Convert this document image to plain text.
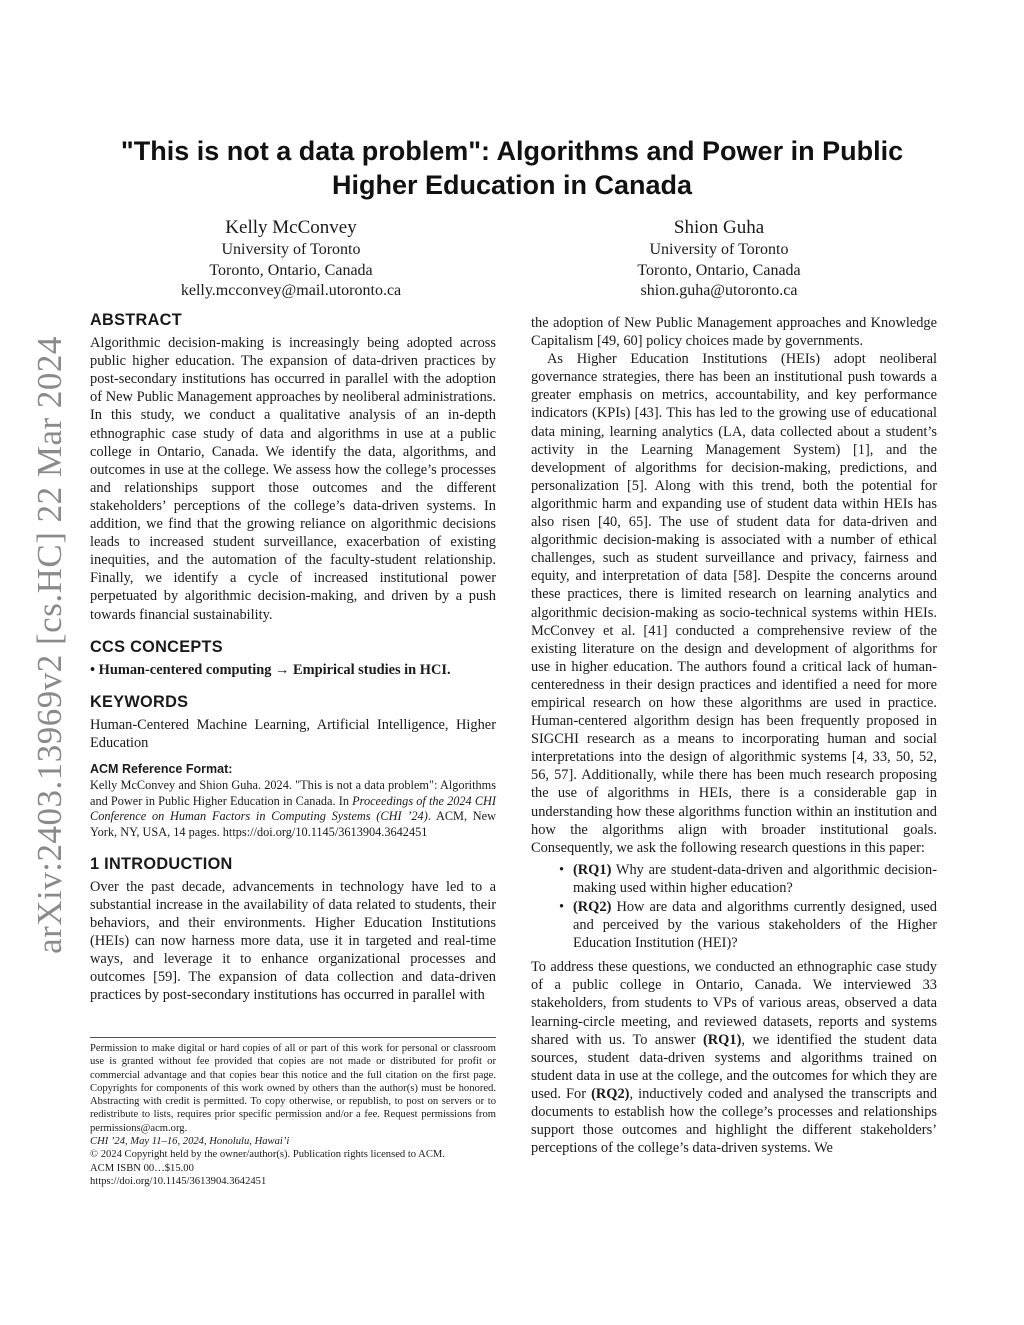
arXiv:2403.13969v2 [cs.HC] 22 Mar 2024
"This is not a data problem": Algorithms and Power in Public Higher Education in Canada
Kelly McConvey
University of Toronto
Toronto, Ontario, Canada
kelly.mcconvey@mail.utoronto.ca
Shion Guha
University of Toronto
Toronto, Ontario, Canada
shion.guha@utoronto.ca
ABSTRACT

Algorithmic decision-making is increasingly being adopted across public higher education. The expansion of data-driven practices by post-secondary institutions has occurred in parallel with the adoption of New Public Management approaches by neoliberal administrations. In this study, we conduct a qualitative analysis of an in-depth ethnographic case study of data and algorithms in use at a public college in Ontario, Canada. We identify the data, algorithms, and outcomes in use at the college. We assess how the college’s processes and relationships support those outcomes and the different stakeholders’ perceptions of the college’s data-driven systems. In addition, we find that the growing reliance on algorithmic decisions leads to increased student surveillance, exacerbation of existing inequities, and the automation of the faculty-student relationship. Finally, we identify a cycle of increased institutional power perpetuated by algorithmic decision-making, and driven by a push towards financial sustainability.

CCS CONCEPTS

• Human-centered computing → Empirical studies in HCI.

KEYWORDS

Human-Centered Machine Learning, Artificial Intelligence, Higher Education

ACM Reference Format:

Kelly McConvey and Shion Guha. 2024. "This is not a data problem": Algorithms and Power in Public Higher Education in Canada. In Proceedings of the 2024 CHI Conference on Human Factors in Computing Systems (CHI ’24). ACM, New York, NY, USA, 14 pages. https://doi.org/10.1145/3613904.3642451

1 INTRODUCTION

Over the past decade, advancements in technology have led to a substantial increase in the availability of data related to students, their behaviors, and their environments. Higher Education Institutions (HEIs) can now harness more data, use it in targeted and real-time ways, and leverage it to enhance organizational processes and outcomes [59]. The expansion of data collection and data-driven practices by post-secondary institutions has occurred in parallel with

Permission to make digital or hard copies of all or part of this work for personal or classroom use is granted without fee provided that copies are not made or distributed for profit or commercial advantage and that copies bear this notice and the full citation on the first page. Copyrights for components of this work owned by others than the author(s) must be honored. Abstracting with credit is permitted. To copy otherwise, or republish, to post on servers or to redistribute to lists, requires prior specific permission and/or a fee. Request permissions from permissions@acm.org.
CHI ’24, May 11–16, 2024, Honolulu, Hawai’i
© 2024 Copyright held by the owner/author(s). Publication rights licensed to ACM.
ACM ISBN 00…$15.00
https://doi.org/10.1145/3613904.3642451

the adoption of New Public Management approaches and Knowledge Capitalism [49, 60] policy choices made by governments.

As Higher Education Institutions (HEIs) adopt neoliberal governance strategies, there has been an institutional push towards a greater emphasis on metrics, accountability, and key performance indicators (KPIs) [43]. This has led to the growing use of educational data mining, learning analytics (LA, data collected about a student’s activity in the Learning Management System) [1], and the development of algorithms for decision-making, predictions, and personalization [5]. Along with this trend, both the potential for algorithmic harm and expanding use of student data within HEIs has also risen [40, 65]. The use of student data for data-driven and algorithmic decision-making is associated with a number of ethical challenges, such as student surveillance and privacy, fairness and equity, and interpretation of data [58]. Despite the concerns around these practices, there is limited research on learning analytics and algorithmic decision-making as socio-technical systems within HEIs. McConvey et al. [41] conducted a comprehensive review of the existing literature on the design and development of algorithms for use in higher education. The authors found a critical lack of human-centeredness in their design practices and identified a need for more empirical research on how these algorithms are used in practice. Human-centered algorithm design has been frequently proposed in SIGCHI research as a means to incorporating human and social interpretations into the design of algorithmic systems [4, 33, 50, 52, 56, 57]. Additionally, while there has been much research proposing the use of algorithms in HEIs, there is a considerable gap in understanding how these algorithms function within an institution and how the algorithms align with broader institutional goals. Consequently, we ask the following research questions in this paper:

• (RQ1) Why are student-data-driven and algorithmic decision-making used within higher education?
• (RQ2) How are data and algorithms currently designed, used and perceived by the various stakeholders of the Higher Education Institution (HEI)?

To address these questions, we conducted an ethnographic case study of a public college in Ontario, Canada. We interviewed 33 stakeholders, from students to VPs of various areas, observed a data learning-circle meeting, and reviewed datasets, reports and systems shared with us. To answer (RQ1), we identified the student data sources, student data-driven systems and algorithms trained on student data in use at the college, and the outcomes for which they are used. For (RQ2), inductively coded and analysed the transcripts and documents to establish how the college’s processes and relationships support those outcomes and highlight the different stakeholders’ perceptions of the college’s data-driven systems. We
